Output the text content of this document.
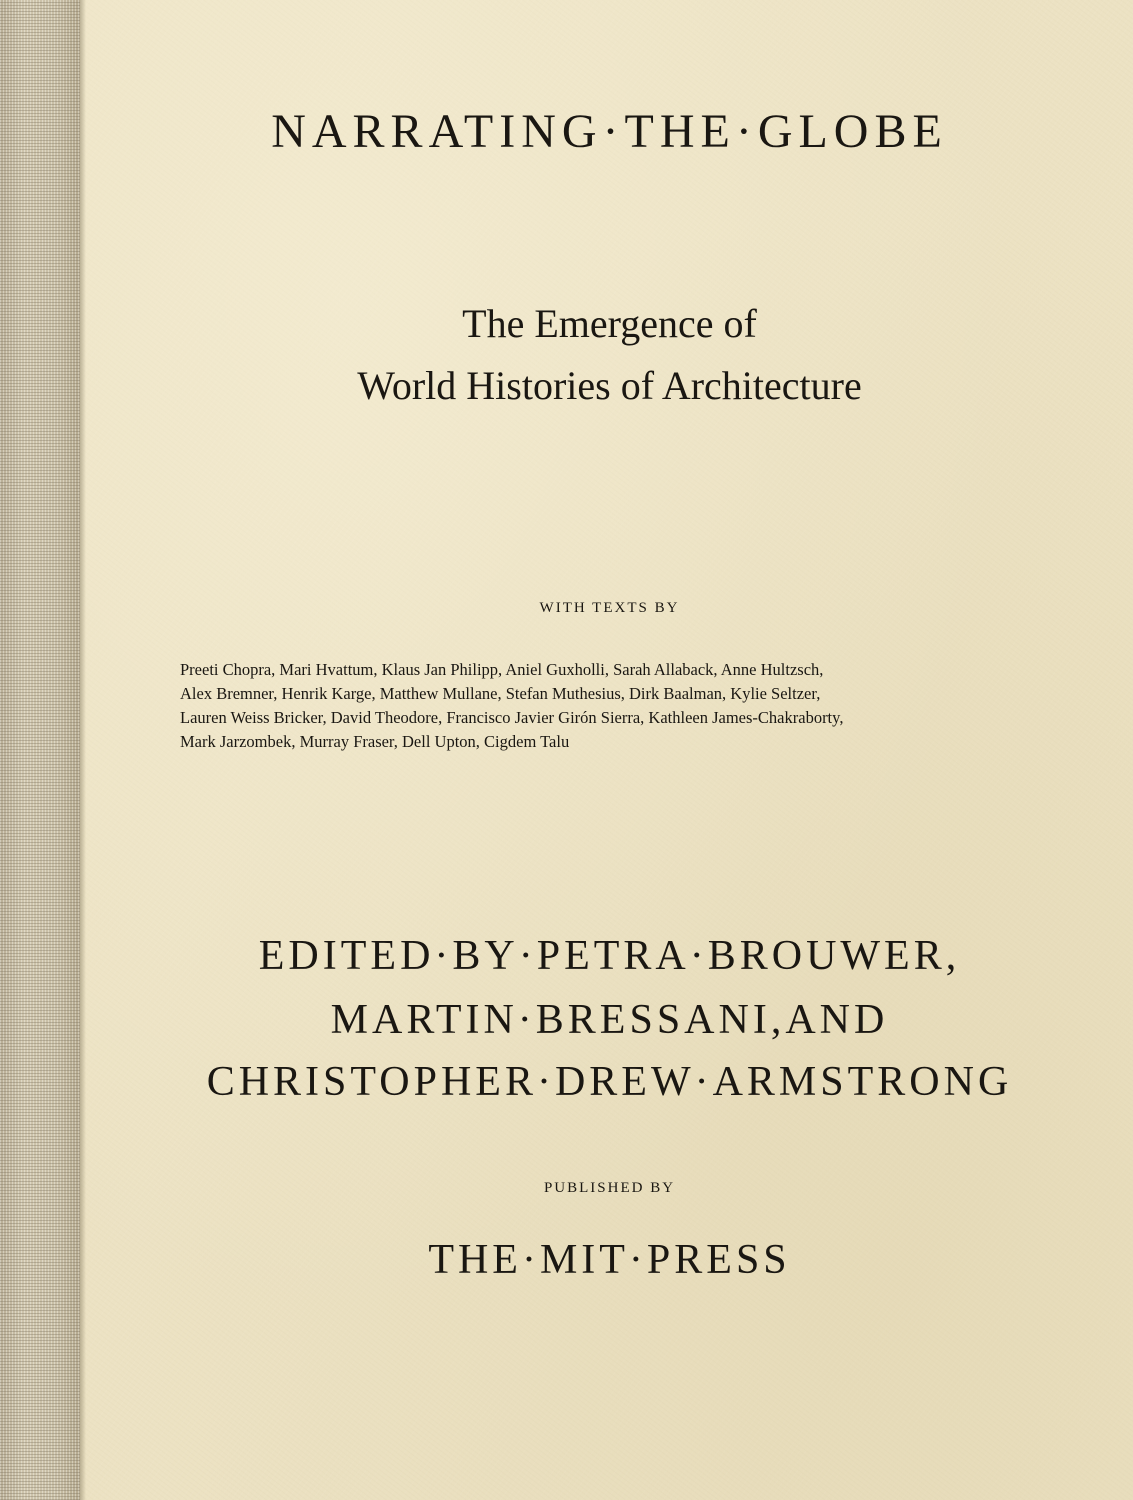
NARRATING·THE·GLOBE
The Emergence of
World Histories of Architecture
WITH TEXTS BY
Preeti Chopra, Mari Hvattum, Klaus Jan Philipp, Aniel Guxholli, Sarah Allaback, Anne Hultzsch,
Alex Bremner, Henrik Karge, Matthew Mullane, Stefan Muthesius, Dirk Baalman, Kylie Seltzer,
Lauren Weiss Bricker, David Theodore, Francisco Javier Girón Sierra, Kathleen James-Chakraborty,
Mark Jarzombek, Murray Fraser, Dell Upton, Cigdem Talu
EDITED·BY·PETRA·BROUWER,
MARTIN·BRESSANI,AND
CHRISTOPHER·DREW·ARMSTRONG
PUBLISHED BY
THE·MIT·PRESS
